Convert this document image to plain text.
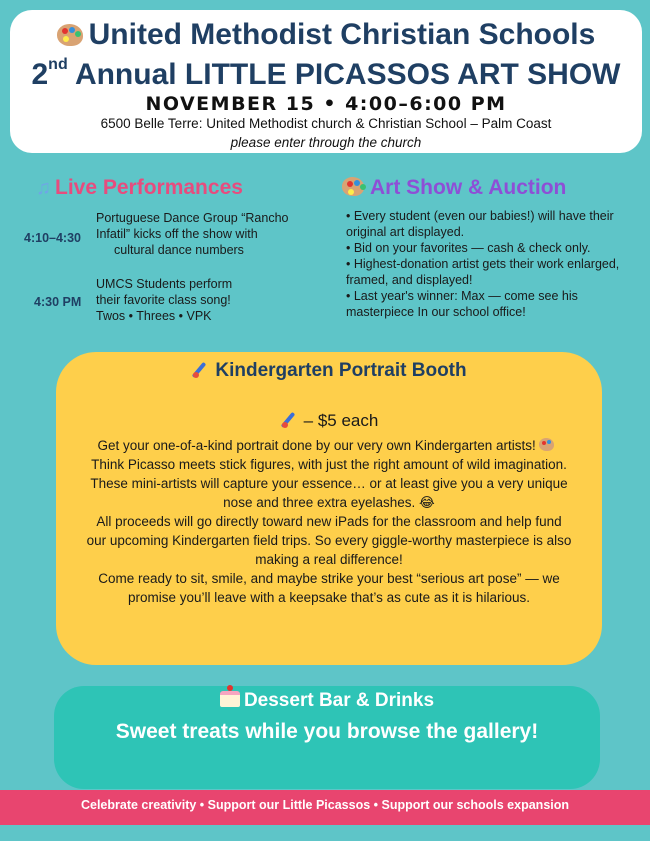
United Methodist Christian Schools
2nd Annual LITTLE PICASSOS ART SHOW
NOVEMBER 15 • 4:00–6:00 PM
6500 Belle Terre: United Methodist church & Christian School – Palm Coast
please enter through the church
♫ Live Performances
4:10–4:30
Portuguese Dance Group “Rancho
Infatil” kicks off the show with
cultural dance numbers
4:30 PM
UMCS Students perform
their favorite class song!
Twos • Threes • VPK
Art Show & Auction
• Every student (even our babies!) will have their original art displayed.
• Bid on your favorites — cash & check only.
• Highest-donation artist gets their work enlarged, framed, and displayed!
• Last year's winner: Max — come see his masterpiece In our school office!
Kindergarten Portrait Booth
– $5 each
Get your one-of-a-kind portrait done by our very own Kindergarten artists!
Think Picasso meets stick figures, with just the right amount of wild imagination. These mini-artists will capture your essence… or at least give you a very unique nose and three extra eyelashes. 😂
All proceeds will go directly toward new iPads for the classroom and help fund our upcoming Kindergarten field trips. So every giggle-worthy masterpiece is also making a real difference!
Come ready to sit, smile, and maybe strike your best “serious art pose” — we promise you’ll leave with a keepsake that’s as cute as it is hilarious.
Dessert Bar & Drinks
Sweet treats while you browse the gallery!
Celebrate creativity • Support our Little Picassos • Support our schools expansion
